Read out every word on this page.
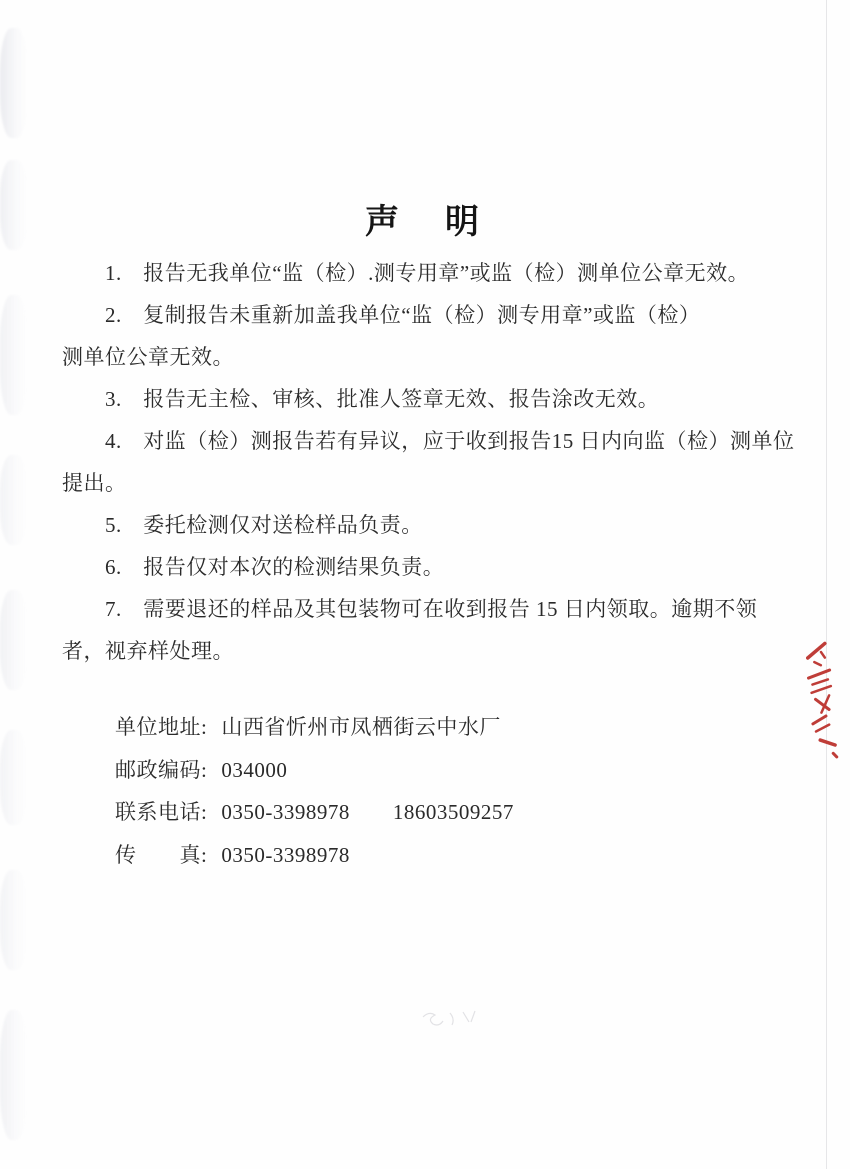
声　明
1.　报告无我单位“监（检）.测专用章”或监（检）测单位公章无效。
2.　复制报告未重新加盖我单位“监（检）测专用章”或监（检）
测单位公章无效。
3.　报告无主检、审核、批准人签章无效、报告涂改无效。
4.　对监（检）测报告若有异议，应于收到报告15 日内向监（检）测单位
提出。
5.　委托检测仅对送检样品负责。
6.　报告仅对本次的检测结果负责。
7.　需要退还的样品及其包装物可在收到报告 15 日内领取。逾期不领
者，视弃样处理。
单位地址: 山西省忻州市凤栖街云中水厂
邮政编码: 034000
联系电话: 0350-3398978　　18603509257
传　　真: 0350-3398978
